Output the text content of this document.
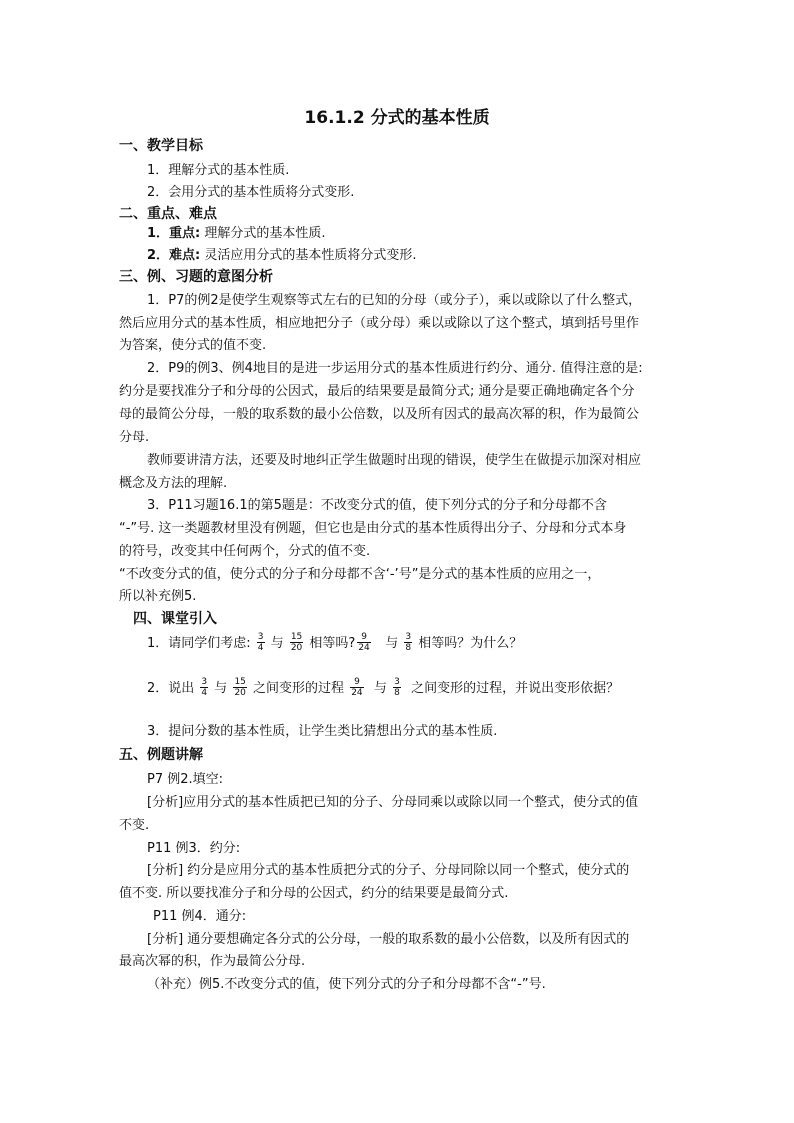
16.1.2 分式的基本性质
一、教学目标
1．理解分式的基本性质.
2．会用分式的基本性质将分式变形.
二、重点、难点
1．重点: 理解分式的基本性质.
2．难点: 灵活应用分式的基本性质将分式变形.
三、例、习题的意图分析
1．P7的例2是使学生观察等式左右的已知的分母（或分子），乘以或除以了什么整式，
然后应用分式的基本性质，相应地把分子（或分母）乘以或除以了这个整式，填到括号里作
为答案，使分式的值不变.
2．P9的例3、例4地目的是进一步运用分式的基本性质进行约分、通分. 值得注意的是:
约分是要找准分子和分母的公因式，最后的结果要是最简分式; 通分是要正确地确定各个分
母的最简公分母，一般的取系数的最小公倍数，以及所有因式的最高次幂的积，作为最简公
分母.
教师要讲清方法，还要及时地纠正学生做题时出现的错误，使学生在做提示加深对相应
概念及方法的理解.
3．P11习题16.1的第5题是：不改变分式的值，使下列分式的分子和分母都不含
“-”号. 这一类题教材里没有例题，但它也是由分式的基本性质得出分子、分母和分式本身
的符号，改变其中任何两个，分式的值不变.
“不改变分式的值，使分式的分子和分母都不含‘-’号”是分式的基本性质的应用之一，
所以补充例5.
四、课堂引入
1．请同学们考虑: $\frac{3}{4}$ 与 $\frac{15}{20}$ 相等吗? $\frac{9}{24}$ 与 $\frac{3}{8}$ 相等吗？为什么？
2．说出 $\frac{3}{4}$ 与 $\frac{15}{20}$ 之间变形的过程 $\frac{9}{24}$ 与 $\frac{3}{8}$ 之间变形的过程，并说出变形依据？
3．提问分数的基本性质，让学生类比猜想出分式的基本性质.
五、例题讲解
P7 例2.填空:
[分析]应用分式的基本性质把已知的分子、分母同乘以或除以同一个整式，使分式的值
不变.
P11 例3．约分:
[分析] 约分是应用分式的基本性质把分式的分子、分母同除以同一个整式，使分式的
值不变. 所以要找准分子和分母的公因式，约分的结果要是最简分式.
P11 例4．通分:
[分析] 通分要想确定各分式的公分母，一般的取系数的最小公倍数，以及所有因式的
最高次幂的积，作为最简公分母.
（补充）例5.不改变分式的值，使下列分式的分子和分母都不含“-”号.
